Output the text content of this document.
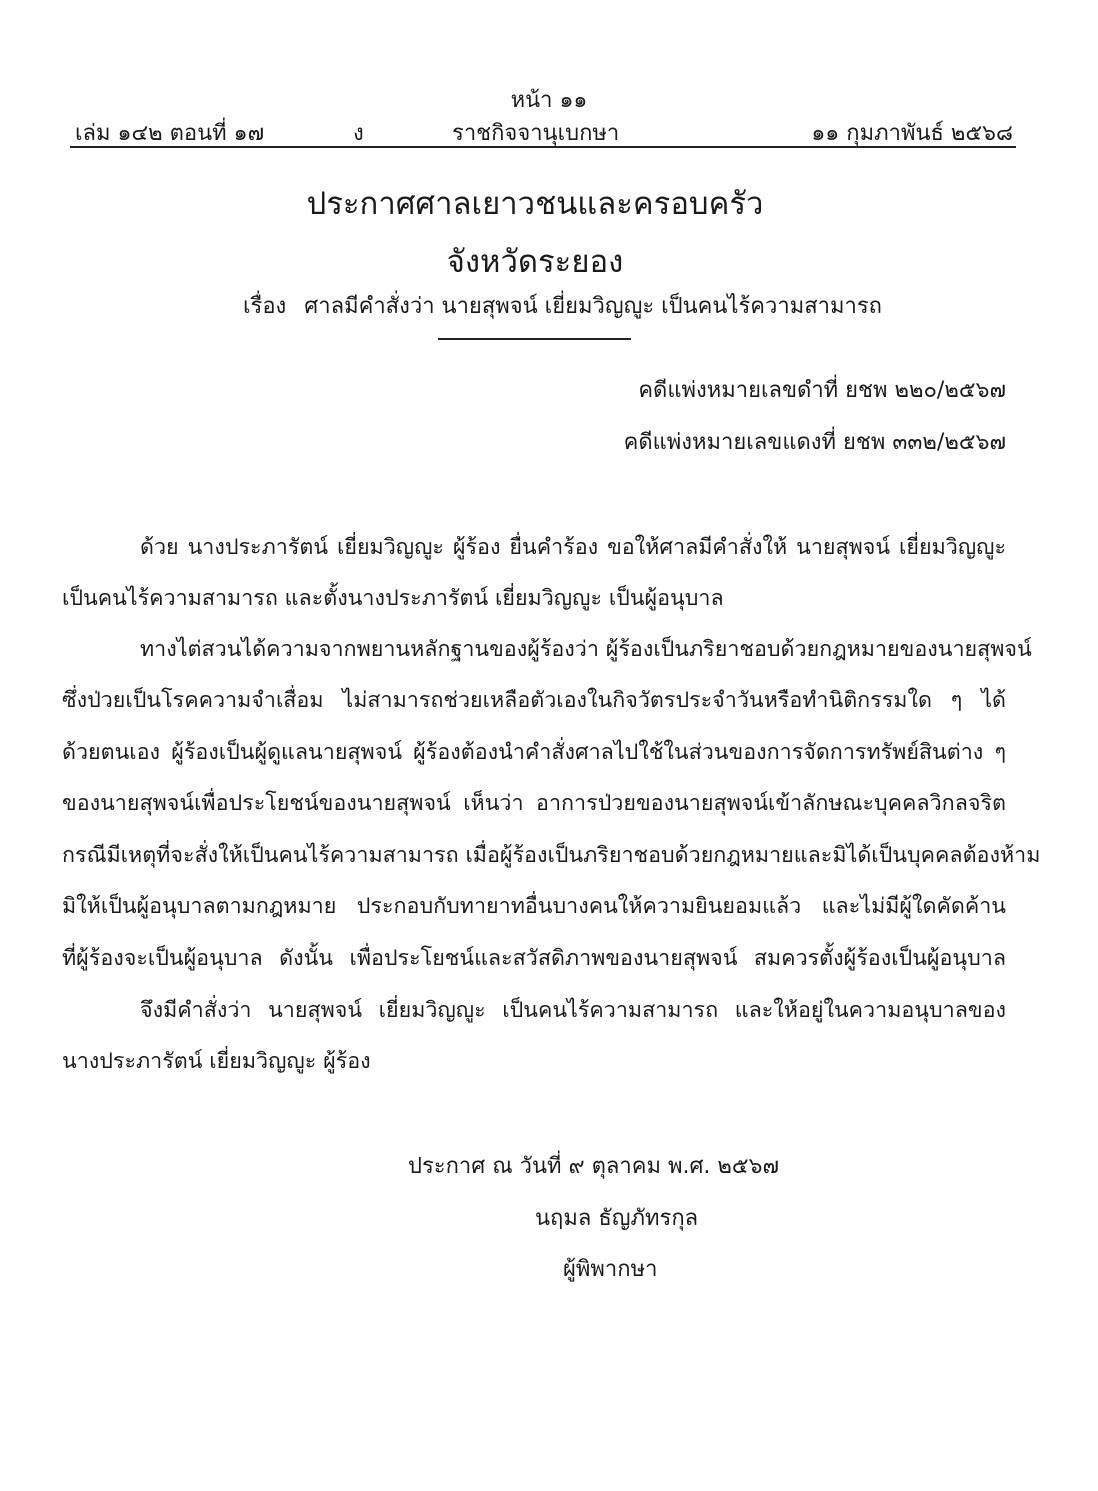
หน้า ๑๑
เล่ม ๑๔๒ ตอนที่ ๑๗	ง	ราชกิจจานุเบกษา	๑๑ กุมภาพันธ์ ๒๕๖๘
ประกาศศาลเยาวชนและครอบครัว
จังหวัดระยอง
เรื่อง ศาลมีคำสั่งว่า นายสุพจน์ เยี่ยมวิญญูะ เป็นคนไร้ความสามารถ
คดีแพ่งหมายเลขดำที่ ยชพ ๒๒๐/๒๕๖๗
คดีแพ่งหมายเลขแดงที่ ยชพ ๓๓๒/๒๕๖๗
ด้วย นางประภารัตน์ เยี่ยมวิญญูะ ผู้ร้อง ยื่นคำร้อง ขอให้ศาลมีคำสั่งให้ นายสุพจน์ เยี่ยมวิญญูะ
เป็นคนไร้ความสามารถ และตั้งนางประภารัตน์ เยี่ยมวิญญูะ เป็นผู้อนุบาล
ทางไต่สวนได้ความจากพยานหลักฐานของผู้ร้องว่า ผู้ร้องเป็นภริยาชอบด้วยกฎหมายของนายสุพจน์
ซึ่งป่วยเป็นโรคความจำเสื่อม ไม่สามารถช่วยเหลือตัวเองในกิจวัตรประจำวันหรือทำนิติกรรมใด ๆ ได้
ด้วยตนเอง ผู้ร้องเป็นผู้ดูแลนายสุพจน์ ผู้ร้องต้องนำคำสั่งศาลไปใช้ในส่วนของการจัดการทรัพย์สินต่าง ๆ
ของนายสุพจน์เพื่อประโยชน์ของนายสุพจน์ เห็นว่า อาการป่วยของนายสุพจน์เข้าลักษณะบุคคลวิกลจริต
กรณีมีเหตุที่จะสั่งให้เป็นคนไร้ความสามารถ เมื่อผู้ร้องเป็นภริยาชอบด้วยกฎหมายและมิได้เป็นบุคคลต้องห้าม
มิให้เป็นผู้อนุบาลตามกฎหมาย ประกอบกับทายาทอื่นบางคนให้ความยินยอมแล้ว และไม่มีผู้ใดคัดค้าน
ที่ผู้ร้องจะเป็นผู้อนุบาล ดังนั้น เพื่อประโยชน์และสวัสดิภาพของนายสุพจน์ สมควรตั้งผู้ร้องเป็นผู้อนุบาล
จึงมีคำสั่งว่า นายสุพจน์ เยี่ยมวิญญูะ เป็นคนไร้ความสามารถ และให้อยู่ในความอนุบาลของ
นางประภารัตน์ เยี่ยมวิญญูะ ผู้ร้อง
ประกาศ ณ วันที่ ๙ ตุลาคม พ.ศ. ๒๕๖๗
นฤมล ธัญภัทรกุล
ผู้พิพากษา
